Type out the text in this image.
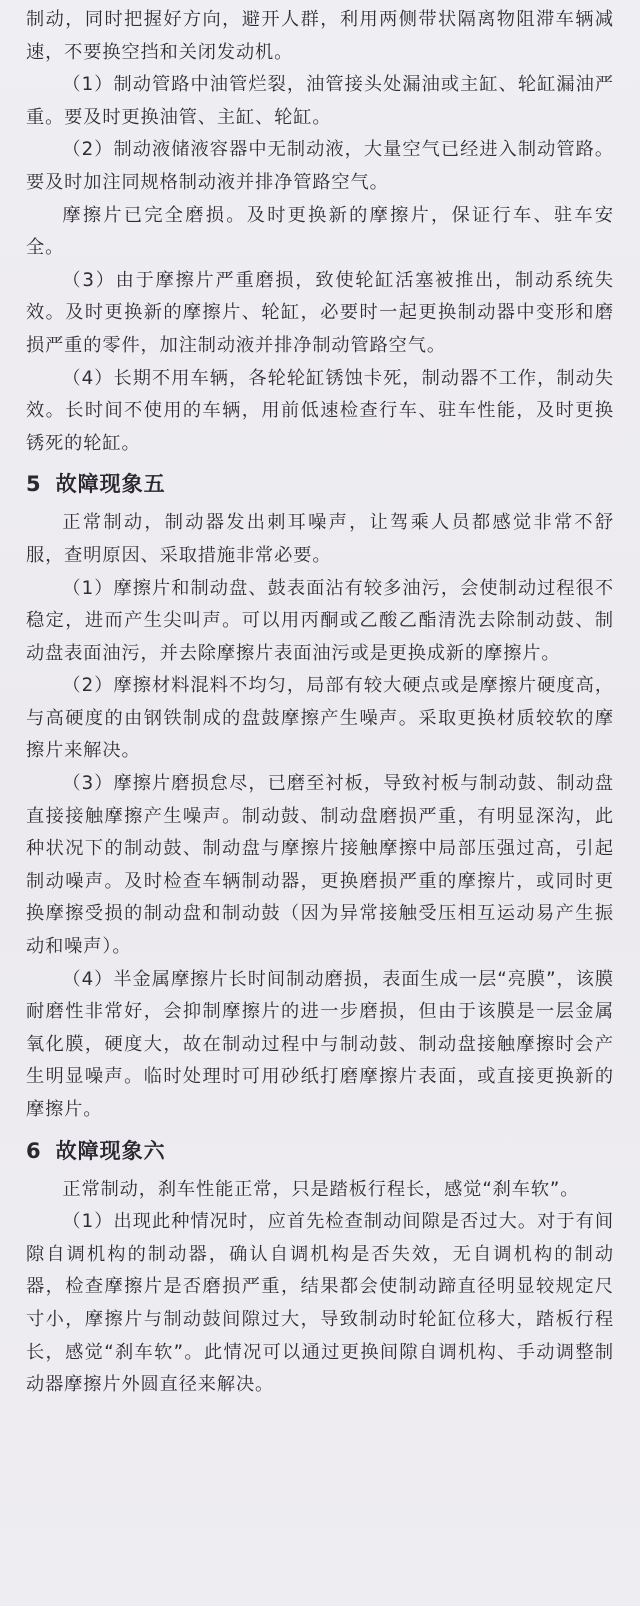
制动，同时把握好方向，避开人群，利用两侧带状隔离物阻滞车辆减速，不要换空挡和关闭发动机。

（1）制动管路中油管烂裂，油管接头处漏油或主缸、轮缸漏油严重。要及时更换油管、主缸、轮缸。

（2）制动液储液容器中无制动液，大量空气已经进入制动管路。要及时加注同规格制动液并排净管路空气。

摩擦片已完全磨损。及时更换新的摩擦片，保证行车、驻车安全。

（3）由于摩擦片严重磨损，致使轮缸活塞被推出，制动系统失效。及时更换新的摩擦片、轮缸，必要时一起更换制动器中变形和磨损严重的零件，加注制动液并排净制动管路空气。

（4）长期不用车辆，各轮轮缸锈蚀卡死，制动器不工作，制动失效。长时间不使用的车辆，用前低速检查行车、驻车性能，及时更换锈死的轮缸。

5 故障现象五

正常制动，制动器发出刺耳噪声，让驾乘人员都感觉非常不舒服，查明原因、采取措施非常必要。

（1）摩擦片和制动盘、鼓表面沾有较多油污，会使制动过程很不稳定，进而产生尖叫声。可以用丙酮或乙酸乙酯清洗去除制动鼓、制动盘表面油污，并去除摩擦片表面油污或是更换成新的摩擦片。

（2）摩擦材料混料不均匀，局部有较大硬点或是摩擦片硬度高，与高硬度的由钢铁制成的盘鼓摩擦产生噪声。采取更换材质较软的摩擦片来解决。

（3）摩擦片磨损怠尽，已磨至衬板，导致衬板与制动鼓、制动盘直接接触摩擦产生噪声。制动鼓、制动盘磨损严重，有明显深沟，此种状况下的制动鼓、制动盘与摩擦片接触摩擦中局部压强过高，引起制动噪声。及时检查车辆制动器，更换磨损严重的摩擦片，或同时更换摩擦受损的制动盘和制动鼓（因为异常接触受压相互运动易产生振动和噪声）。

（4）半金属摩擦片长时间制动磨损，表面生成一层“亮膜”，该膜耐磨性非常好，会抑制摩擦片的进一步磨损，但由于该膜是一层金属氧化膜，硬度大，故在制动过程中与制动鼓、制动盘接触摩擦时会产生明显噪声。临时处理时可用砂纸打磨摩擦片表面，或直接更换新的摩擦片。

6 故障现象六

正常制动，刹车性能正常，只是踏板行程长，感觉“刹车软”。

（1）出现此种情况时，应首先检查制动间隙是否过大。对于有间隙自调机构的制动器，确认自调机构是否失效，无自调机构的制动器，检查摩擦片是否磨损严重，结果都会使制动蹄直径明显较规定尺寸小，摩擦片与制动鼓间隙过大，导致制动时轮缸位移大，踏板行程长，感觉“刹车软”。此情况可以通过更换间隙自调机构、手动调整制动器摩擦片外圆直径来解决。
